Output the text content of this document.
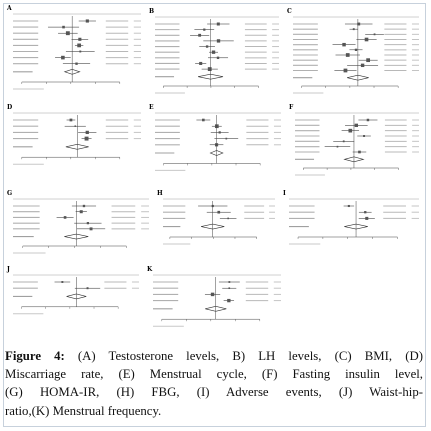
A	B	C
D	E	F
G	H	I
J	K
Figure 4: (A) Testosterone levels, B) LH levels, (C) BMI, (D)
Miscarriage rate, (E) Menstrual cycle, (F) Fasting insulin level,
(G) HOMA-IR, (H) FBG, (I) Adverse events, (J) Waist-hip-
ratio,(K) Menstrual frequency.
